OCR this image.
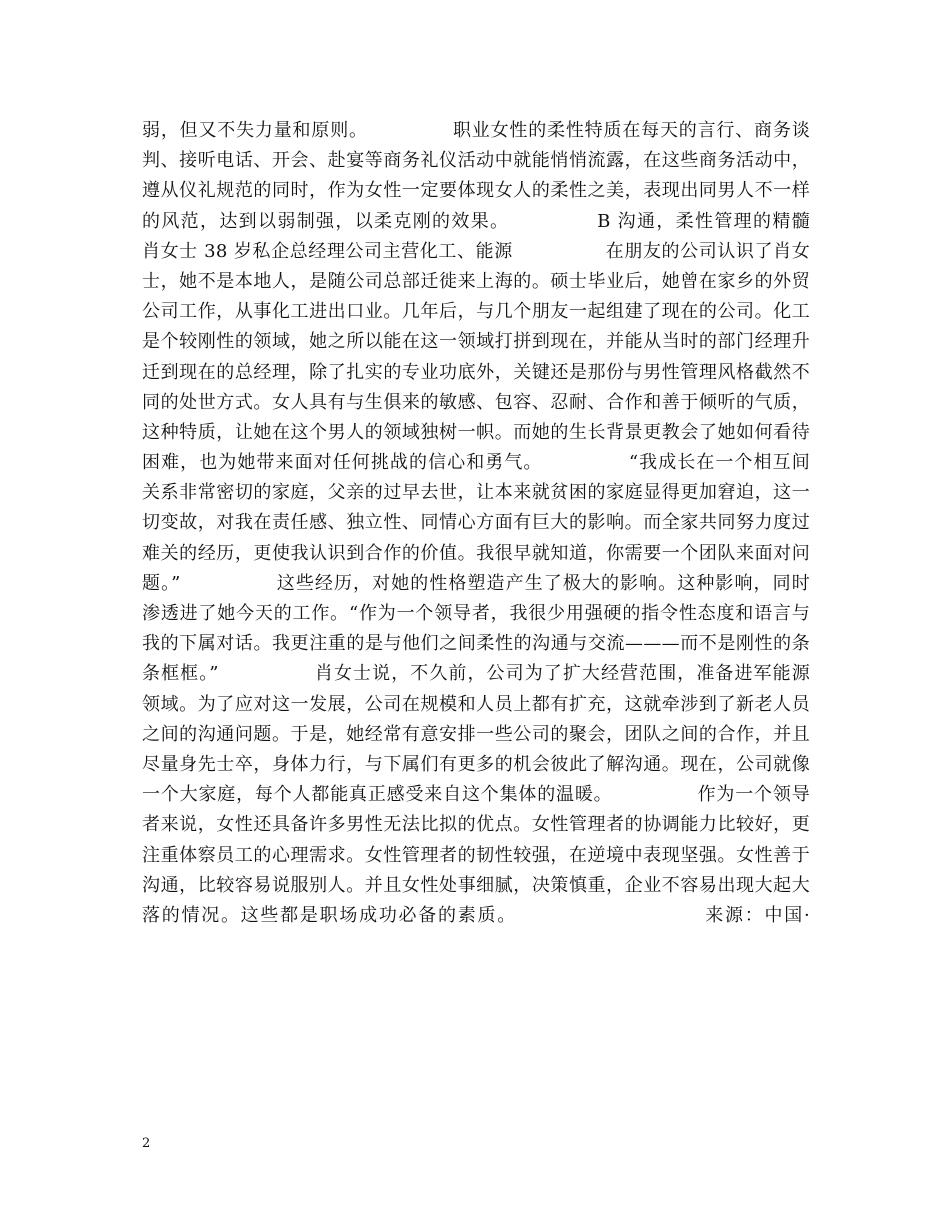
弱，但又不失力量和原则。　　　　　职业女性的柔性特质在每天的言行、商务谈
判、接听电话、开会、赴宴等商务礼仪活动中就能悄悄流露，在这些商务活动中，
遵从仪礼规范的同时，作为女性一定要体现女人的柔性之美，表现出同男人不一样
的风范，达到以弱制强，以柔克刚的效果。　　　　　B 沟通，柔性管理的精髓
肖女士 38 岁私企总经理公司主营化工、能源　　　　　在朋友的公司认识了肖女
士，她不是本地人，是随公司总部迁徙来上海的。硕士毕业后，她曾在家乡的外贸
公司工作，从事化工进出口业。几年后，与几个朋友一起组建了现在的公司。化工
是个较刚性的领域，她之所以能在这一领域打拼到现在，并能从当时的部门经理升
迁到现在的总经理，除了扎实的专业功底外，关键还是那份与男性管理风格截然不
同的处世方式。女人具有与生俱来的敏感、包容、忍耐、合作和善于倾听的气质，
这种特质，让她在这个男人的领域独树一帜。而她的生长背景更教会了她如何看待
困难，也为她带来面对任何挑战的信心和勇气。　　　　　“我成长在一个相互间
关系非常密切的家庭，父亲的过早去世，让本来就贫困的家庭显得更加窘迫，这一
切变故，对我在责任感、独立性、同情心方面有巨大的影响。而全家共同努力度过
难关的经历，更使我认识到合作的价值。我很早就知道，你需要一个团队来面对问
题。”　　　　　这些经历，对她的性格塑造产生了极大的影响。这种影响，同时
渗透进了她今天的工作。“作为一个领导者，我很少用强硬的指令性态度和语言与
我的下属对话。我更注重的是与他们之间柔性的沟通与交流———而不是刚性的条
条框框。”　　　　　肖女士说，不久前，公司为了扩大经营范围，准备进军能源
领域。为了应对这一发展，公司在规模和人员上都有扩充，这就牵涉到了新老人员
之间的沟通问题。于是，她经常有意安排一些公司的聚会，团队之间的合作，并且
尽量身先士卒，身体力行，与下属们有更多的机会彼此了解沟通。现在，公司就像
一个大家庭，每个人都能真正感受来自这个集体的温暖。　　　　　作为一个领导
者来说，女性还具备许多男性无法比拟的优点。女性管理者的协调能力比较好，更
注重体察员工的心理需求。女性管理者的韧性较强，在逆境中表现坚强。女性善于
沟通，比较容易说服别人。并且女性处事细腻，决策慎重，企业不容易出现大起大
落的情况。这些都是职场成功必备的素质。　　　　　　　　　　来源：中国·
2
